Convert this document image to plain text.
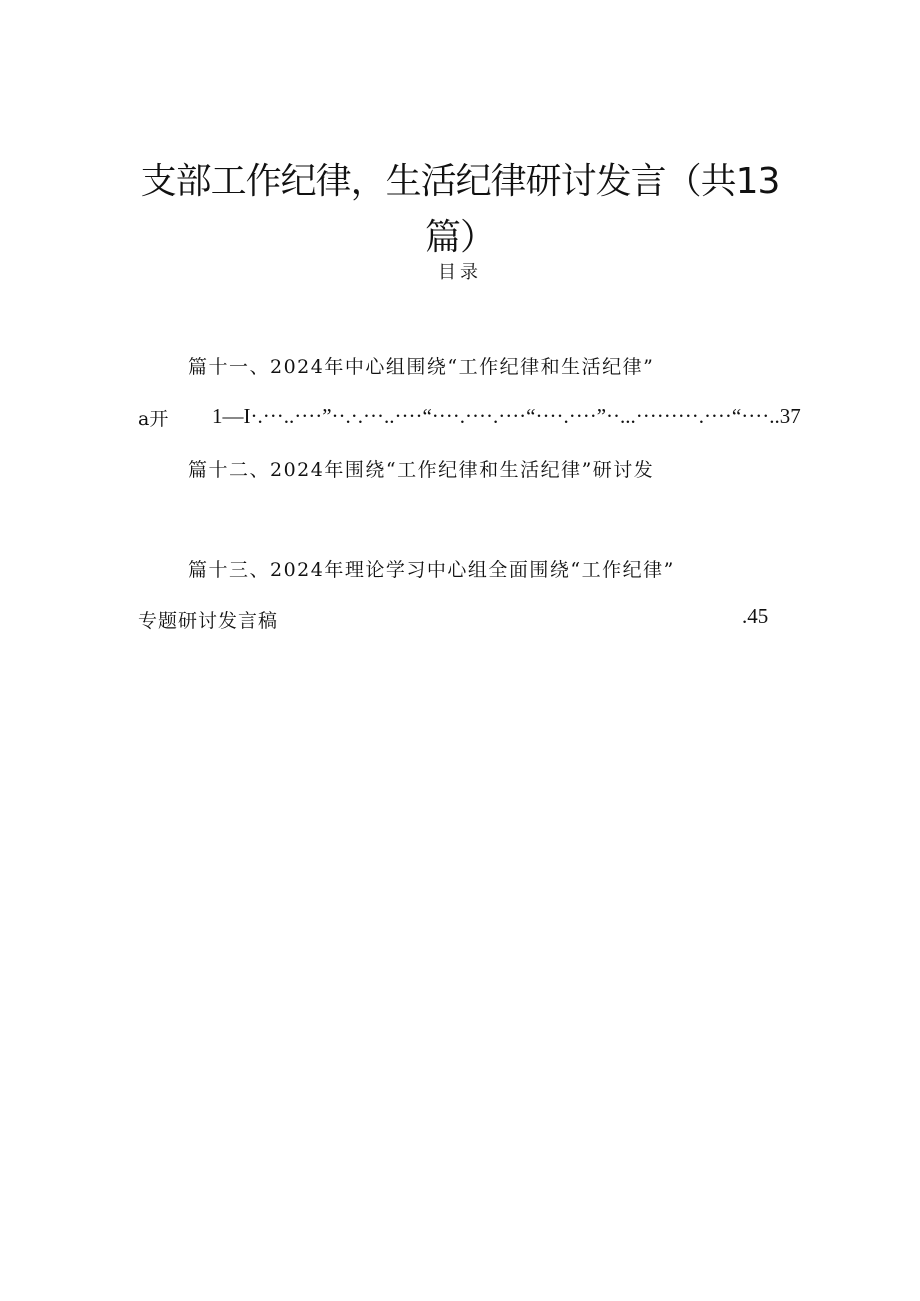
支部工作纪律，生活纪律研讨发言（共13
篇）
目录
篇十一、2024年中心组围绕“工作纪律和生活纪律”
a开 1—I·.···..····”··.·.···..····“····.····.····“····.····”··...·········.····“····..37
篇十二、2024年围绕“工作纪律和生活纪律”研讨发
篇十三、2024年理论学习中心组全面围绕“工作纪律”
专题研讨发言稿	.45
